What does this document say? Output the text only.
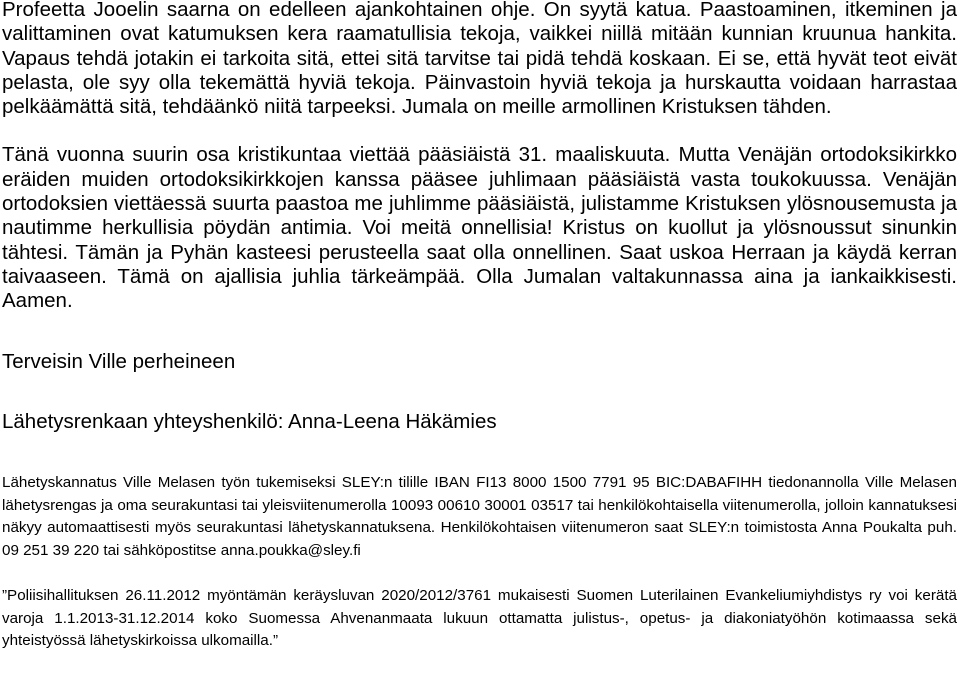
Profeetta Jooelin saarna on edelleen ajankohtainen ohje. On syytä katua. Paastoaminen, itkeminen ja valittaminen ovat katumuksen kera raamatullisia tekoja, vaikkei niillä mitään kunnian kruunua hankita. Vapaus tehdä jotakin ei tarkoita sitä, ettei sitä tarvitse tai pidä tehdä koskaan. Ei se, että hyvät teot eivät pelasta, ole syy olla tekemättä hyviä tekoja. Päinvastoin hyviä tekoja ja hurskautta voidaan harrastaa pelkäämättä sitä, tehdäänkö niitä tarpeeksi. Jumala on meille armollinen Kristuksen tähden.

Tänä vuonna suurin osa kristikuntaa viettää pääsiäistä 31. maaliskuuta. Mutta Venäjän ortodoksikirkko eräiden muiden ortodoksikirkkojen kanssa pääsee juhlimaan pääsiäistä vasta toukokuussa. Venäjän ortodoksien viettäessä suurta paastoa me juhlimme pääsiäistä, julistamme Kristuksen ylösnousemusta ja nautimme herkullisia pöydän antimia. Voi meitä onnellisia! Kristus on kuollut ja ylösnoussut sinunkin tähtesi. Tämän ja Pyhän kasteesi perusteella saat olla onnellinen. Saat uskoa Herraan ja käydä kerran taivaaseen. Tämä on ajallisia juhlia tärkeämpää. Olla Jumalan valtakunnassa aina ja iankaikkisesti. Aamen.

Terveisin Ville perheineen

Lähetysrenkaan yhteyshenkilö: Anna-Leena Häkämies

Lähetyskannatus Ville Melasen työn tukemiseksi SLEY:n tilille IBAN FI13 8000 1500 7791 95 BIC:DABAFIHH tiedonannolla Ville Melasen lähetysrengas ja oma seurakuntasi tai yleisviitenumerolla 10093 00610 30001 03517 tai henkilökohtaisella viitenumerolla, jolloin kannatuksesi näkyy automaattisesti myös seurakuntasi lähetyskannatuksena. Henkilökohtaisen viitenumeron saat SLEY:n toimistosta Anna Poukalta puh. 09 251 39 220 tai sähköpostitse anna.poukka@sley.fi

”Poliisihallituksen 26.11.2012 myöntämän keräysluvan 2020/2012/3761 mukaisesti Suomen Luterilainen Evankeliumiyhdistys ry voi kerätä varoja 1.1.2013-31.12.2014 koko Suomessa Ahvenanmaata lukuun ottamatta julistus-, opetus- ja diakoniatyöhön kotimaassa sekä yhteistyössä lähetyskirkoissa ulkomailla.”
